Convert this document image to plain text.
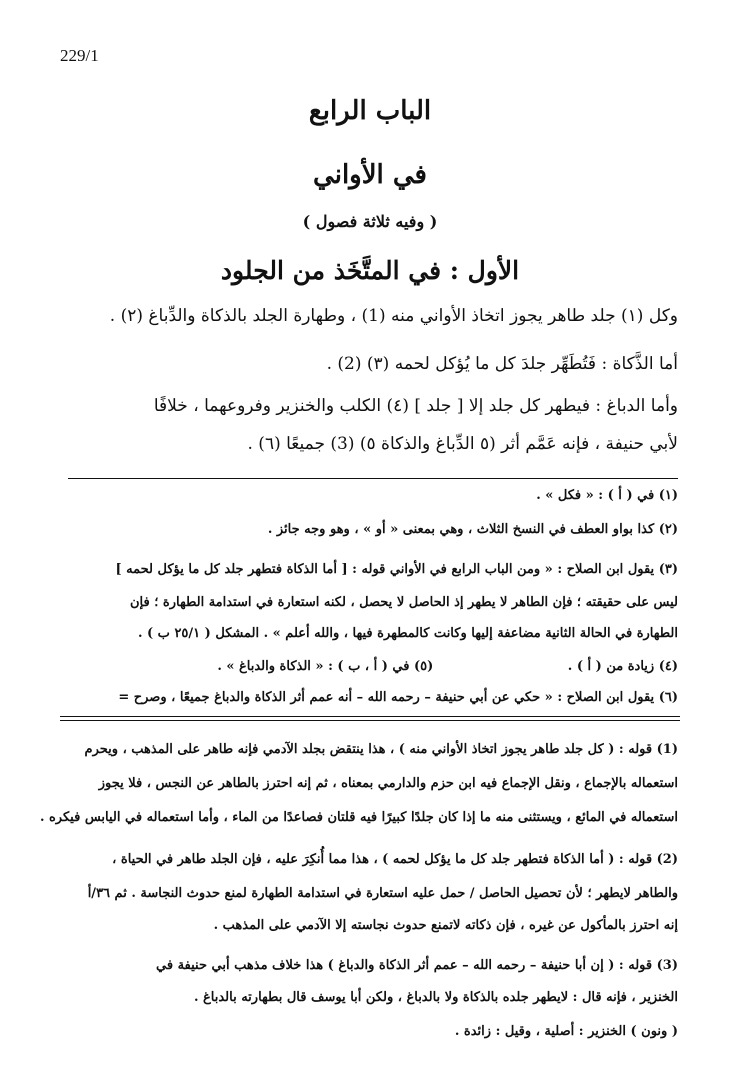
229/1
الباب الرابع
في الأواني
( وفيه ثلاثة فصول )
الأول : في المتَّخَذ من الجلود
وكل (١) جلد طاهر يجوز اتخاذ الأواني منه (1) ، وطهارة الجلد بالذكاة والدِّباغ (٢) .
أما الذَّكاة : فَتُطَهِّر جلدَ كل ما يُؤكل لحمه (٣) (2) .
وأما الدباغ : فيطهر كل جلد إلا [ جلد ] (٤) الكلب والخنزير وفروعهما ، خلافًا
لأبي حنيفة ، فإنه عَمَّم أثر (٥ الدِّباغ والذكاة ٥) (3) جميعًا (٦) .
(١) في ( أ ) : « فكل » .
(٢) كذا بواو العطف في النسخ الثلاث ، وهي بمعنى « أو » ، وهو وجه جائز .
(٣) يقول ابن الصلاح : « ومن الباب الرابع في الأواني قوله : [ أما الذكاة فتطهر جلد كل ما يؤكل لحمه ]
ليس على حقيقته ؛ فإن الطاهر لا يطهر إذ الحاصل لا يحصل ، لكنه استعارة في استدامة الطهارة ؛ فإن
الطهارة في الحالة الثانية مضاعفة إليها وكانت كالمطهرة فيها ، والله أعلم » . المشكل ( ٢٥/١ ب ) .
(٤) زيادة من ( أ ) . (٥) في ( أ ، ب ) : « الذكاة والدباغ » .
(٦) يقول ابن الصلاح : « حكي عن أبي حنيفة – رحمه الله – أنه عمم أثر الذكاة والدباغ جميعًا ، وصرح =
(1) قوله : ( كل جلد طاهر يجوز اتخاذ الأواني منه ) ، هذا ينتقض بجلد الآدمي فإنه طاهر على المذهب ، ويحرم
استعماله بالإجماع ، ونقل الإجماع فيه ابن حزم والدارمي بمعناه ، ثم إنه احترز بالطاهر عن النجس ، فلا يجوز
استعماله في المائع ، ويستثنى منه ما إذا كان جلدًا كبيرًا فيه قلتان فصاعدًا من الماء ، وأما استعماله في اليابس فيكره .
(2) قوله : ( أما الذكاة فتطهر جلد كل ما يؤكل لحمه ) ، هذا مما أُنكِرَ عليه ، فإن الجلد طاهر في الحياة ،
والطاهر لايطهر ؛ لأن تحصيل الحاصل / حمل عليه استعارة في استدامة الطهارة لمنع حدوث النجاسة . ثم ٣٦/أ
إنه احترز بالمأكول عن غيره ، فإن ذكاته لاتمنع حدوث نجاسته إلا الآدمي على المذهب .
(3) قوله : ( إن أبا حنيفة – رحمه الله – عمم أثر الذكاة والدباغ ) هذا خلاف مذهب أبي حنيفة في
الخنزير ، فإنه قال : لايطهر جلده بالذكاة ولا بالدباغ ، ولكن أبا يوسف قال بطهارته بالدباغ .
( ونون ) الخنزير : أصلية ، وقيل : زائدة .
